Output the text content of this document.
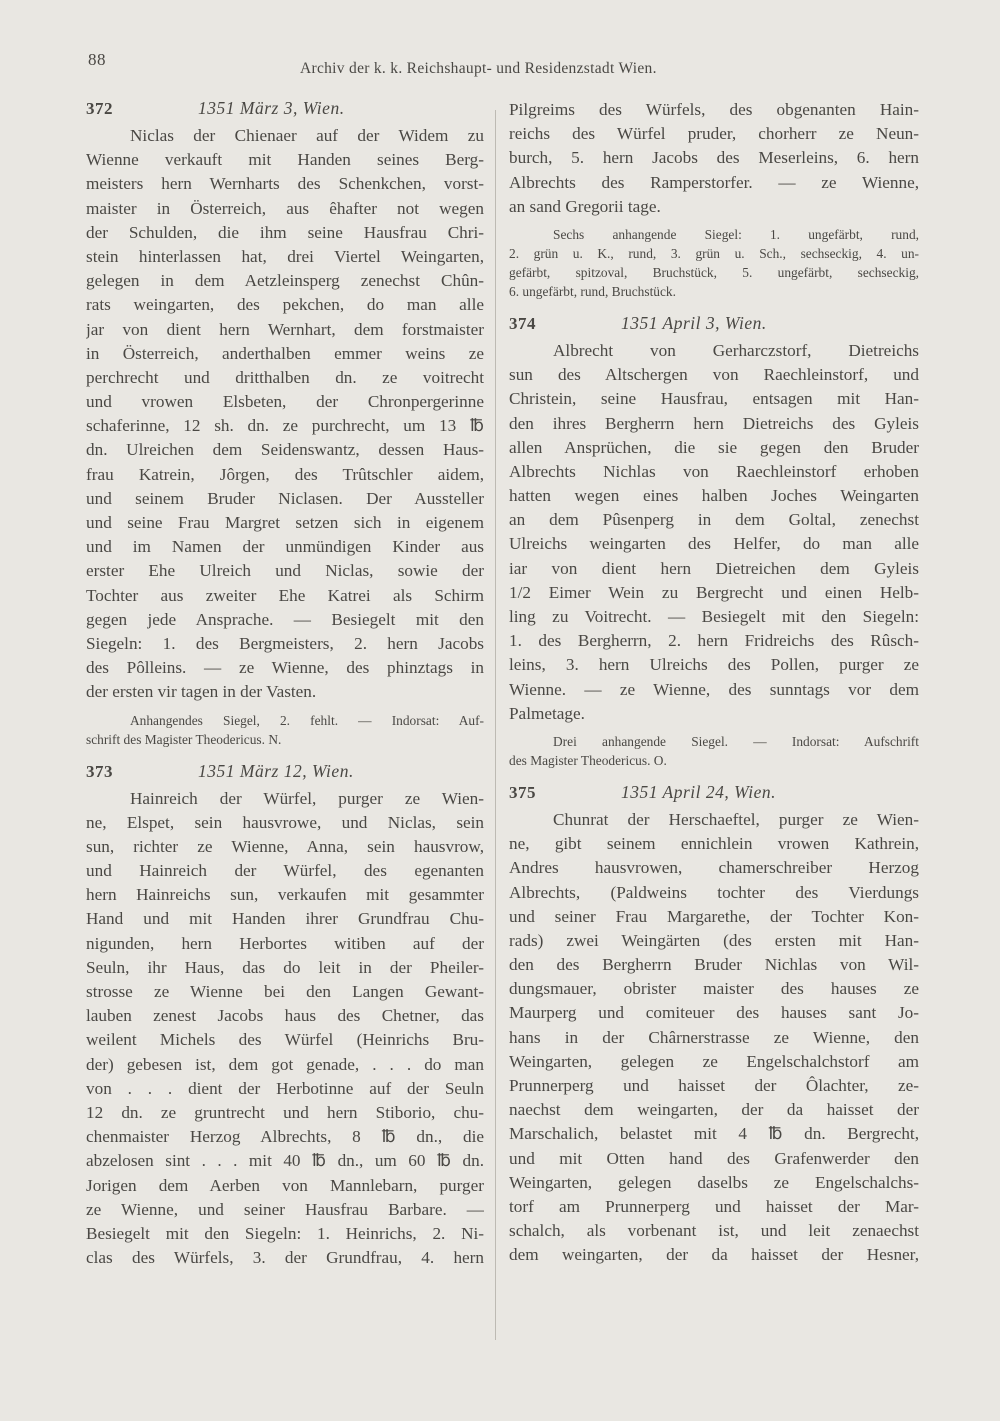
88	Archiv der k. k. Reichshaupt- und Residenzstadt Wien.
372	1351 März 3, Wien.
Niclas der Chienaer auf der Widem zu
Wienne verkauft mit Handen seines Berg-
meisters hern Wernharts des Schenkchen, vorst-
maister in Österreich, aus êhafter not wegen
der Schulden, die ihm seine Hausfrau Chri-
stein hinterlassen hat, drei Viertel Weingarten,
gelegen in dem Aetzleinsperg zenechst Chûn-
rats weingarten, des pekchen, do man alle
jar von dient hern Wernhart, dem forstmaister
in Österreich, anderthalben emmer weins ze
perchrecht und dritthalben dn. ze voitrecht
und vrowen Elsbeten, der Chronpergerinne
schaferinne, 12 sh. dn. ze purchrecht, um 13 ℔
dn. Ulreichen dem Seidenswantz, dessen Haus-
frau Katrein, Jôrgen, des Trûtschler aidem,
und seinem Bruder Niclasen. Der Aussteller
und seine Frau Margret setzen sich in eigenem
und im Namen der unmündigen Kinder aus
erster Ehe Ulreich und Niclas, sowie der
Tochter aus zweiter Ehe Katrei als Schirm
gegen jede Ansprache. — Besiegelt mit den
Siegeln: 1. des Bergmeisters, 2. hern Jacobs
des Pôlleins. — ze Wienne, des phinztags in
der ersten vir tagen in der Vasten.
Anhangendes Siegel, 2. fehlt. — Indorsat: Auf-
schrift des Magister Theodericus. N.
373	1351 März 12, Wien.
Hainreich der Würfel, purger ze Wien-
ne, Elspet, sein hausvrowe, und Niclas, sein
sun, richter ze Wienne, Anna, sein hausvrow,
und Hainreich der Würfel, des egenanten
hern Hainreichs sun, verkaufen mit gesammter
Hand und mit Handen ihrer Grundfrau Chu-
nigunden, hern Herbortes witiben auf der
Seuln, ihr Haus, das do leit in der Pheiler-
strosse ze Wienne bei den Langen Gewant-
lauben zenest Jacobs haus des Chetner, das
weilent Michels des Würfel (Heinrichs Bru-
der) gebesen ist, dem got genade, . . . do man
von . . . dient der Herbotinne auf der Seuln
12 dn. ze gruntrecht und hern Stiborio, chu-
chenmaister Herzog Albrechts, 8 ℔ dn., die
abzelosen sint . . . mit 40 ℔ dn., um 60 ℔ dn.
Jorigen dem Aerben von Mannlebarn, purger
ze Wienne, und seiner Hausfrau Barbare. —
Besiegelt mit den Siegeln: 1. Heinrichs, 2. Ni-
clas des Würfels, 3. der Grundfrau, 4. hern
Pilgreims des Würfels, des obgenanten Hain-
reichs des Würfel pruder, chorherr ze Neun-
burch, 5. hern Jacobs des Meserleins, 6. hern
Albrechts des Ramperstorfer. — ze Wienne,
an sand Gregorii tage.
Sechs anhangende Siegel: 1. ungefärbt, rund,
2. grün u. K., rund, 3. grün u. Sch., sechseckig, 4. un-
gefärbt, spitzoval, Bruchstück, 5. ungefärbt, sechseckig,
6. ungefärbt, rund, Bruchstück.
374	1351 April 3, Wien.
Albrecht von Gerharczstorf, Dietreichs
sun des Altschergen von Raechleinstorf, und
Christein, seine Hausfrau, entsagen mit Han-
den ihres Bergherrn hern Dietreichs des Gyleis
allen Ansprüchen, die sie gegen den Bruder
Albrechts Nichlas von Raechleinstorf erhoben
hatten wegen eines halben Joches Weingarten
an dem Pûsenperg in dem Goltal, zenechst
Ulreichs weingarten des Helfer, do man alle
iar von dient hern Dietreichen dem Gyleis
1/2 Eimer Wein zu Bergrecht und einen Helb-
ling zu Voitrecht. — Besiegelt mit den Siegeln:
1. des Bergherrn, 2. hern Fridreichs des Rûsch-
leins, 3. hern Ulreichs des Pollen, purger ze
Wienne. — ze Wienne, des sunntags vor dem
Palmetage.
Drei anhangende Siegel. — Indorsat: Aufschrift
des Magister Theodericus. O.
375	1351 April 24, Wien.
Chunrat der Herschaeftel, purger ze Wien-
ne, gibt seinem ennichlein vrowen Kathrein,
Andres hausvrowen, chamerschreiber Herzog
Albrechts, (Paldweins tochter des Vierdungs
und seiner Frau Margarethe, der Tochter Kon-
rads) zwei Weingärten (des ersten mit Han-
den des Bergherrn Bruder Nichlas von Wil-
dungsmauer, obrister maister des hauses ze
Maurperg und comiteuer des hauses sant Jo-
hans in der Chârnerstrasse ze Wienne, den
Weingarten, gelegen ze Engelschalchstorf am
Prunnerperg und haisset der Ôlachter, ze-
naechst dem weingarten, der da haisset der
Marschalich, belastet mit 4 ℔ dn. Bergrecht,
und mit Otten hand des Grafenwerder den
Weingarten, gelegen daselbs ze Engelschalchs-
torf am Prunnerperg und haisset der Mar-
schalch, als vorbenant ist, und leit zenaechst
dem weingarten, der da haisset der Hesner,
